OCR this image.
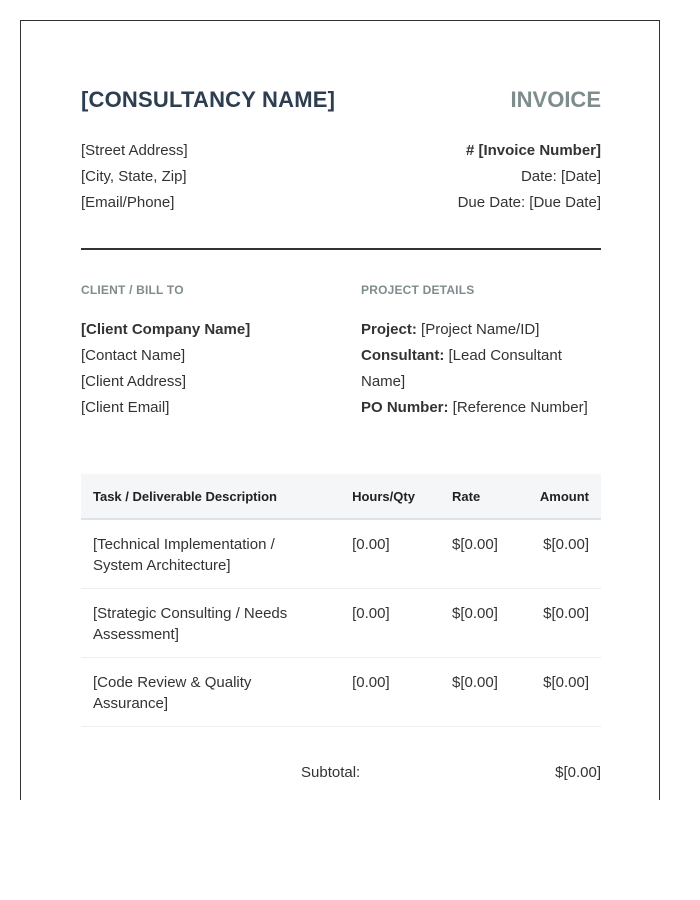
[CONSULTANCY NAME]	INVOICE
[Street Address]
[City, State, Zip]
[Email/Phone]
# [Invoice Number]
Date: [Date]
Due Date: [Due Date]
CLIENT / BILL TO	PROJECT DETAILS
[Client Company Name]
[Contact Name]
[Client Address]
[Client Email]
Project: [Project Name/ID]
Consultant: [Lead Consultant Name]
PO Number: [Reference Number]
Task / Deliverable Description	Hours/Qty	Rate	Amount
[Technical Implementation / System Architecture]	[0.00]	$[0.00]	$[0.00]
[Strategic Consulting / Needs Assessment]	[0.00]	$[0.00]	$[0.00]
[Code Review & Quality Assurance]	[0.00]	$[0.00]	$[0.00]
Subtotal:	$[0.00]
